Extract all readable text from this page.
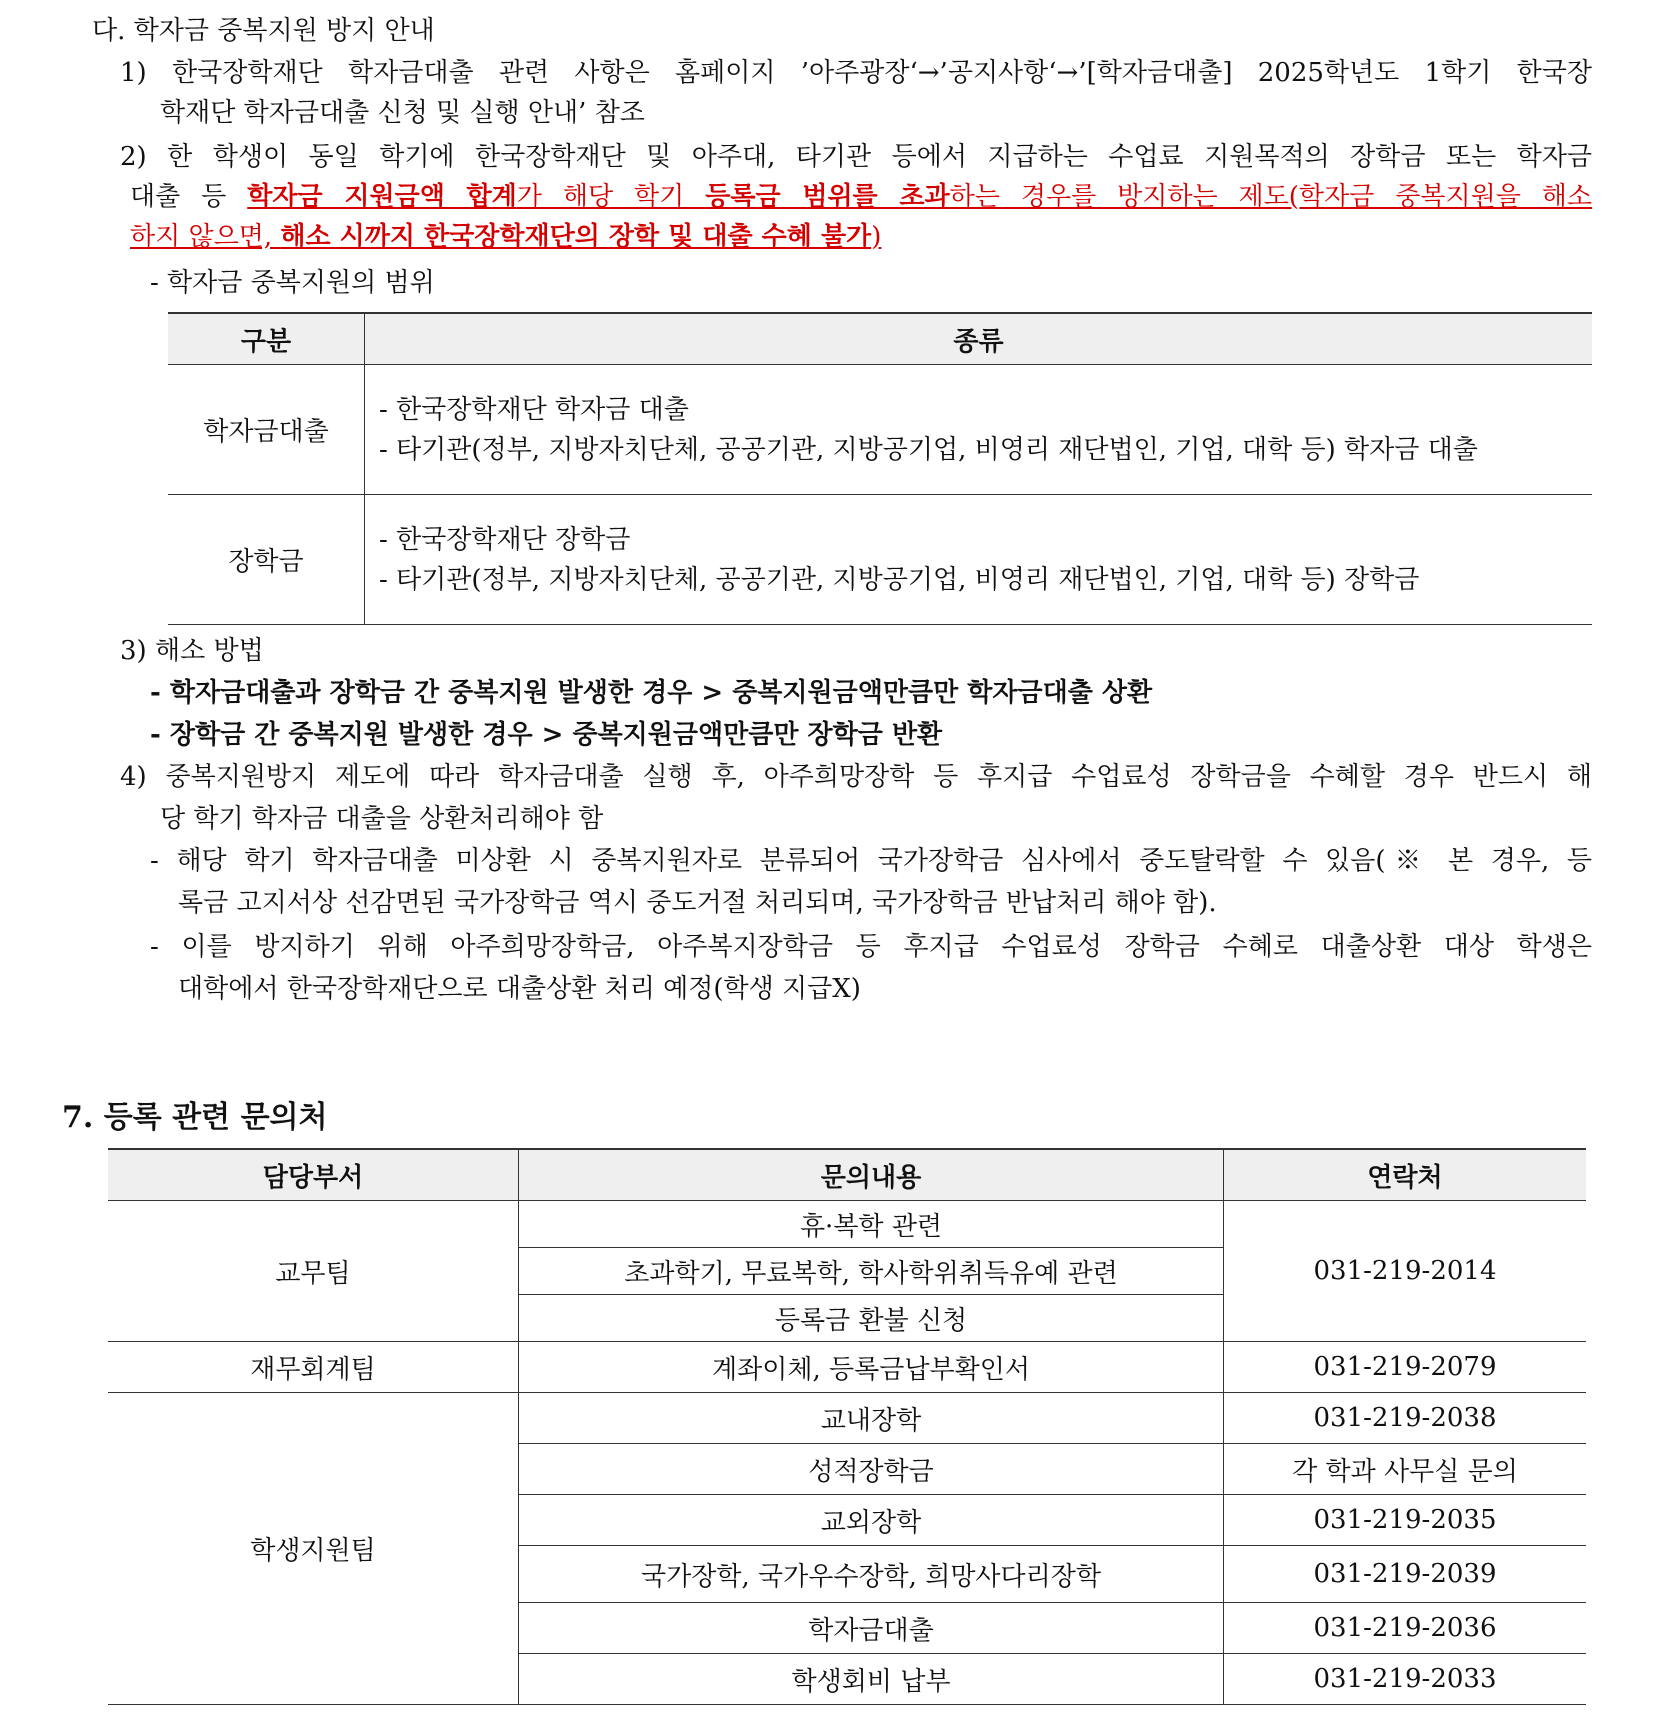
다. 학자금 중복지원 방지 안내
1) 한국장학재단 학자금대출 관련 사항은 홈페이지 ’아주광장‘→’공지사항‘→’[학자금대출] 2025학년도 1학기 한국장
학재단 학자금대출 신청 및 실행 안내’ 참조
2) 한 학생이 동일 학기에 한국장학재단 및 아주대, 타기관 등에서 지급하는 수업료 지원목적의 장학금 또는 학자금
대출 등 학자금 지원금액 합계가 해당 학기 등록금 범위를 초과하는 경우를 방지하는 제도(학자금 중복지원을 해소
하지 않으면, 해소 시까지 한국장학재단의 장학 및 대출 수혜 불가)
- 학자금 중복지원의 범위
구분	종류
학자금대출	- 한국장학재단 학자금 대출
- 타기관(정부, 지방자치단체, 공공기관, 지방공기업, 비영리 재단법인, 기업, 대학 등) 학자금 대출

장학금	- 한국장학재단 장학금
- 타기관(정부, 지방자치단체, 공공기관, 지방공기업, 비영리 재단법인, 기업, 대학 등) 장학금
3) 해소 방법
- 학자금대출과 장학금 간 중복지원 발생한 경우 > 중복지원금액만큼만 학자금대출 상환
- 장학금 간 중복지원 발생한 경우 > 중복지원금액만큼만 장학금 반환
4) 중복지원방지 제도에 따라 학자금대출 실행 후, 아주희망장학 등 후지급 수업료성 장학금을 수혜할 경우 반드시 해
당 학기 학자금 대출을 상환처리해야 함
- 해당 학기 학자금대출 미상환 시 중복지원자로 분류되어 국가장학금 심사에서 중도탈락할 수 있음(※ 본 경우, 등
록금 고지서상 선감면된 국가장학금 역시 중도거절 처리되며, 국가장학금 반납처리 해야 함).
- 이를 방지하기 위해 아주희망장학금, 아주복지장학금 등 후지급 수업료성 장학금 수혜로 대출상환 대상 학생은
대학에서 한국장학재단으로 대출상환 처리 예정(학생 지급X)
7. 등록 관련 문의처
담당부서	문의내용	연락처
교무팀	휴·복학 관련	031-219-2014
	초과학기, 무료복학, 학사학위취득유예 관련	
	등록금 환불 신청	
재무회계팀	계좌이체, 등록금납부확인서	031-219-2079
학생지원팀	교내장학	031-219-2038
	성적장학금	각 학과 사무실 문의
	교외장학	031-219-2035
	국가장학, 국가우수장학, 희망사다리장학	031-219-2039
	학자금대출	031-219-2036
	학생회비 납부	031-219-2033
